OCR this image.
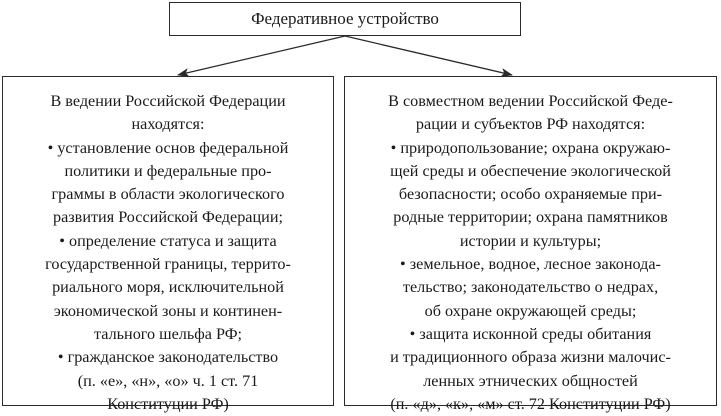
Федеративное устройство
В ведении Российской Федерации
находятся:
• установление основ федеральной
политики и федеральные про-
граммы в области экологического
развития Российской Федерации;
• определение статуса и защита
государственной границы, террито-
риального моря, исключительной
экономической зоны и континен-
тального шельфа РФ;
• гражданское законодательство
(п. «е», «н», «о» ч. 1 ст. 71
Конституции РФ)
В совместном ведении Российской Феде-
рации и субъектов РФ находятся:
• природопользование; охрана окружаю-
щей среды и обеспечение экологической
безопасности; особо охраняемые при-
родные территории; охрана памятников
истории и культуры;
• земельное, водное, лесное законода-
тельство; законодательство о недрах,
об охране окружающей среды;
• защита исконной среды обитания
и традиционного образа жизни малочис-
ленных этнических общностей
(п. «д», «к», «м» ст. 72 Конституции РФ)
